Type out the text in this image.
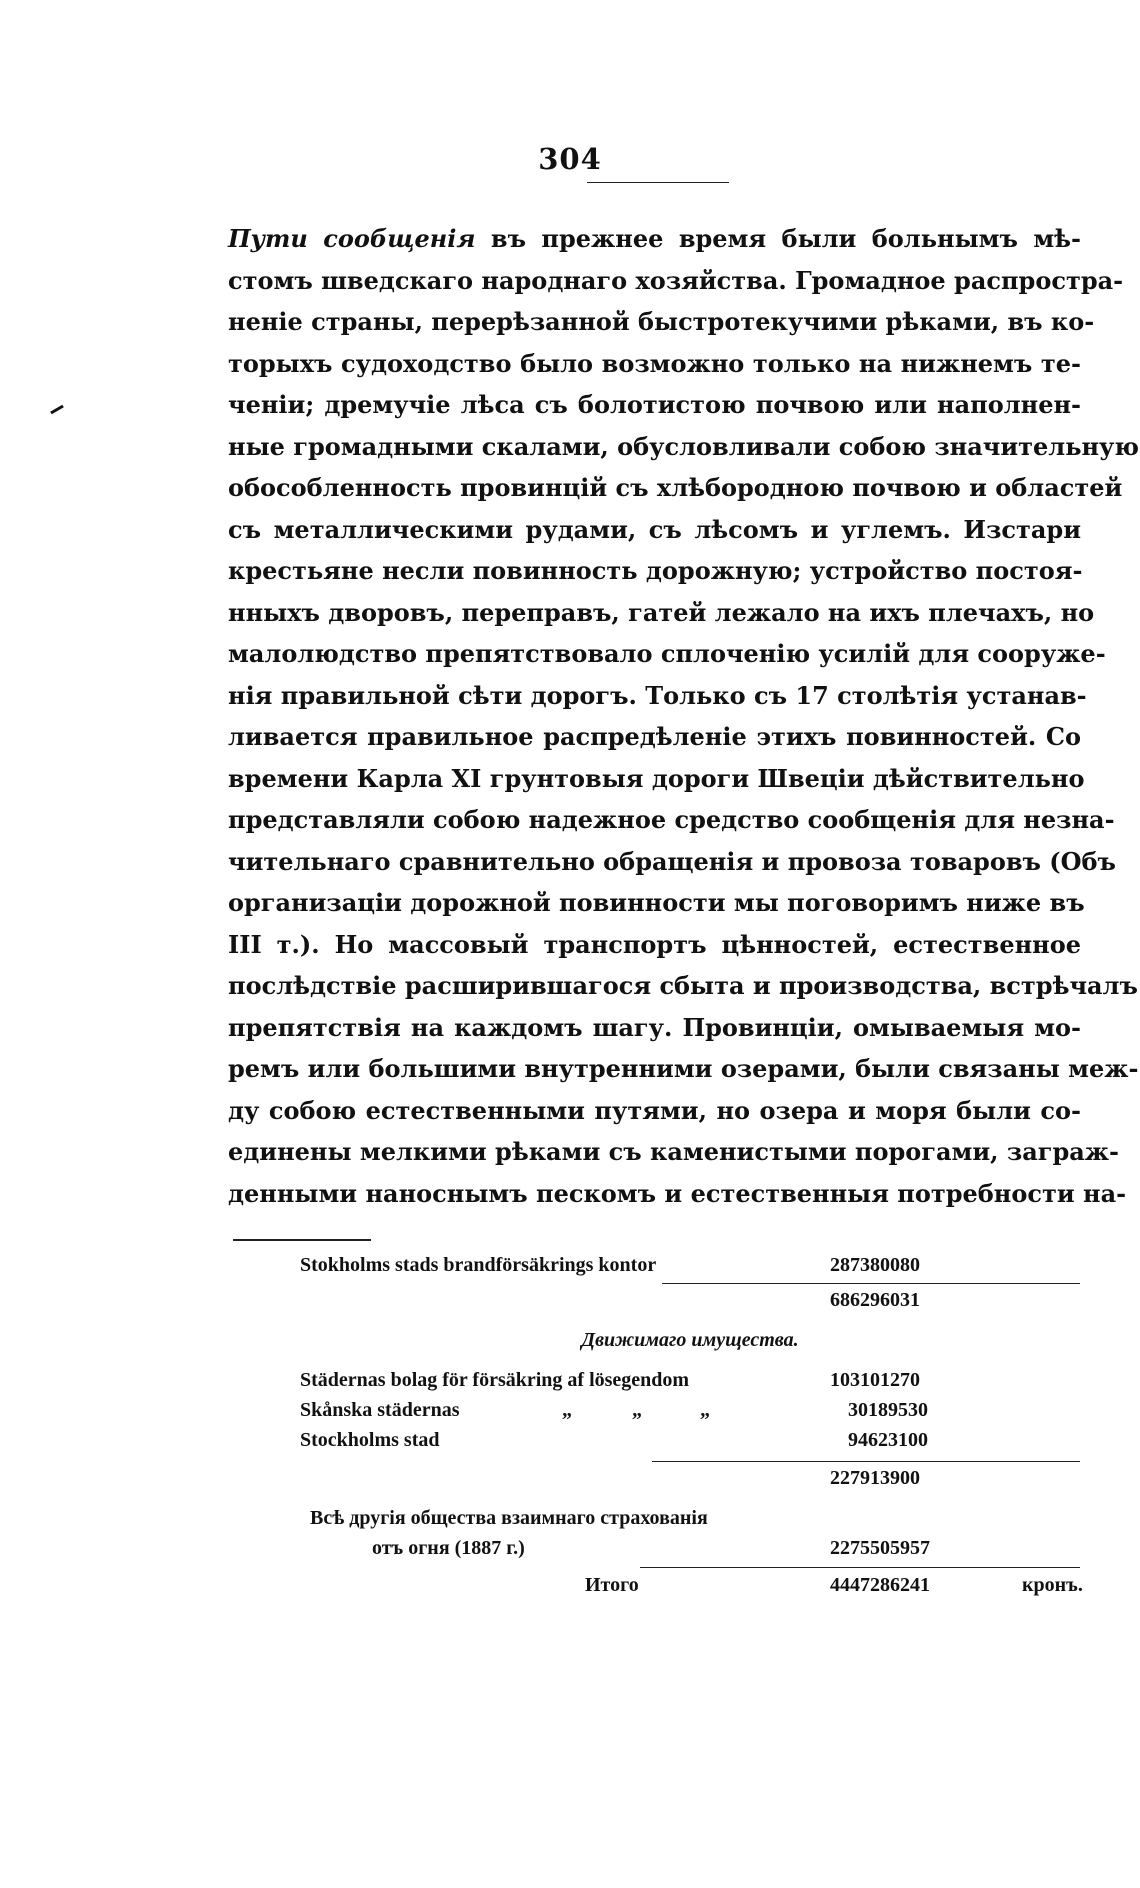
304
Пути сообщенія въ прежнее время были больнымъ мѣ-
стомъ шведскаго народнаго хозяйства. Громадное распростра-
неніе страны, перерѣзанной быстротекучими рѣками, въ ко-
торыхъ судоходство было возможно только на нижнемъ те-
ченіи; дремучіе лѣса съ болотистою почвою или наполнен-
ные громадными скалами, обусловливали собою значительную
обособленность провинцій съ хлѣбородною почвою и областей
съ металлическими рудами, съ лѣсомъ и углемъ. Изстари
крестьяне несли повинность дорожную; устройство постоя-
нныхъ дворовъ, переправъ, гатей лежало на ихъ плечахъ, но
малолюдство препятствовало сплоченію усилій для сооруже-
нія правильной сѣти дорогъ. Только съ 17 столѣтія устанав-
ливается правильное распредѣленіе этихъ повинностей. Со
времени Карла XI грунтовыя дороги Швеціи дѣйствительно
представляли собою надежное средство сообщенія для незна-
чительнаго сравнительно обращенія и провоза товаровъ (Объ
организаціи дорожной повинности мы поговоримъ ниже въ
III т.). Но массовый транспортъ цѣнностей, естественное
послѣдствіе расширившагося сбыта и производства, встрѣчалъ
препятствія на каждомъ шагу. Провинціи, омываемыя мо-
ремъ или большими внутренними озерами, были связаны меж-
ду собою естественными путями, но озера и моря были со-
единены мелкими рѣками съ каменистыми порогами, заграж-
денными наноснымъ пескомъ и естественныя потребности на-
Stokholms stads brandförsäkrings kontor	287380080
686296031
Движимаго имущества.
Städernas bolag för försäkring af lösegendom	103101270
Skånska städernas	„	„	„	30189530
Stockholms stad	94623100
227913900
Всѣ другія общества взаимнаго страхованія
отъ огня (1887 г.)	2275505957
Итого	4447286241	кронъ.
